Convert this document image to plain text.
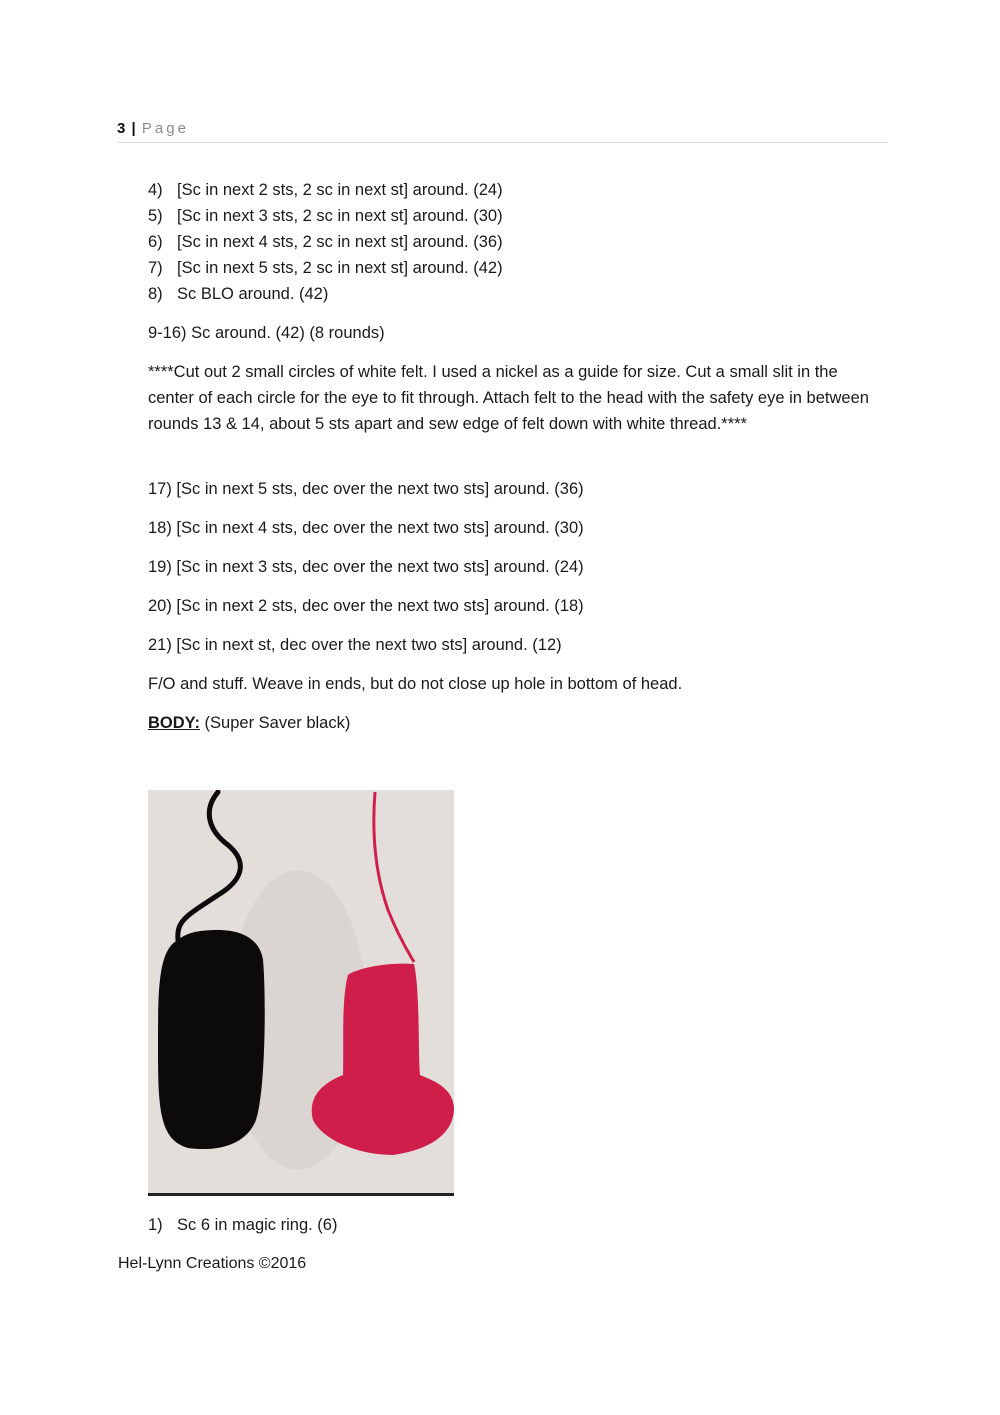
3 | Page
4) [Sc in next 2 sts, 2 sc in next st] around. (24)
5) [Sc in next 3 sts, 2 sc in next st] around. (30)
6) [Sc in next 4 sts, 2 sc in next st] around. (36)
7) [Sc in next 5 sts, 2 sc in next st] around. (42)
8) Sc BLO around. (42)
9-16) Sc around. (42) (8 rounds)
****Cut out 2 small circles of white felt. I used a nickel as a guide for size. Cut a small slit in the center of each circle for the eye to fit through. Attach felt to the head with the safety eye in between rounds 13 & 14, about 5 sts apart and sew edge of felt down with white thread.****
17) [Sc in next 5 sts, dec over the next two sts] around. (36)
18) [Sc in next 4 sts, dec over the next two sts] around. (30)
19) [Sc in next 3 sts, dec over the next two sts] around. (24)
20) [Sc in next 2 sts, dec over the next two sts] around. (18)
21) [Sc in next st, dec over the next two sts] around. (12)
F/O and stuff. Weave in ends, but do not close up hole in bottom of head.
BODY: (Super Saver black)
1) Sc 6 in magic ring. (6)
Hel-Lynn Creations ©2016
